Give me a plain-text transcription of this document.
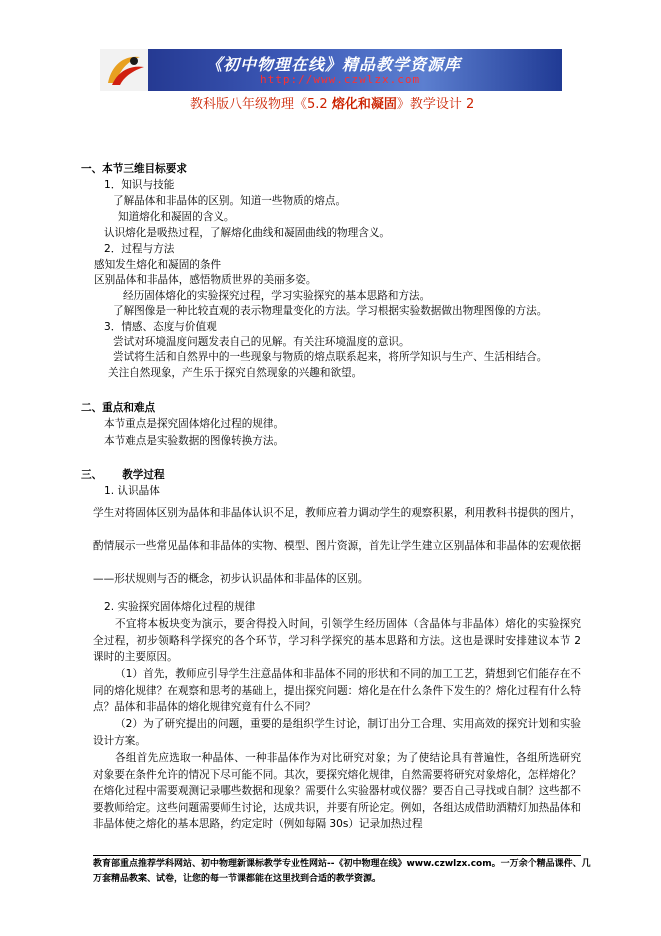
《初中物理在线》精品教学资源库
http://www.czwlzx.com
教科版八年级物理《5.2 熔化和凝固》教学设计 2
一、本节三维目标要求
1．知识与技能
了解晶体和非晶体的区别。知道一些物质的熔点。
知道熔化和凝固的含义。
认识熔化是吸热过程，了解熔化曲线和凝固曲线的物理含义。
2．过程与方法
感知发生熔化和凝固的条件
区别晶体和非晶体，感悟物质世界的美丽多姿。
经历固体熔化的实验探究过程，学习实验探究的基本思路和方法。
了解图像是一种比较直观的表示物理量变化的方法。学习根据实验数据做出物理图像的方法。
3．情感、态度与价值观
尝试对环境温度问题发表自己的见解。有关注环境温度的意识。
尝试将生活和自然界中的一些现象与物质的熔点联系起来，将所学知识与生产、生活相结合。
关注自然现象，产生乐于探究自然现象的兴趣和欲望。
二、重点和难点
本节重点是探究固体熔化过程的规律。
本节难点是实验数据的图像转换方法。
三、 教学过程
1. 认识晶体

学生对将固体区别为晶体和非晶体认识不足，教师应着力调动学生的观察积累，利用教科书提供的图片，酌情展示一些常见晶体和非晶体的实物、模型、图片资源，首先让学生建立区别晶体和非晶体的宏观依据——形状规则与否的概念，初步认识晶体和非晶体的区别。

2. 实验探究固体熔化过程的规律

不宜将本板块变为演示，要舍得投入时间，引领学生经历固体（含晶体与非晶体）熔化的实验探究全过程，初步领略科学探究的各个环节，学习科学探究的基本思路和方法。这也是课时安排建议本节 2 课时的主要原因。

（1）首先，教师应引导学生注意晶体和非晶体不同的形状和不同的加工工艺，猜想到它们能存在不同的熔化规律？在观察和思考的基础上，提出探究问题：熔化是在什么条件下发生的？熔化过程有什么特点？晶体和非晶体的熔化规律究竟有什么不同？

（2）为了研究提出的问题，重要的是组织学生讨论，制订出分工合理、实用高效的探究计划和实验设计方案。

各组首先应选取一种晶体、一种非晶体作为对比研究对象；为了使结论具有普遍性，各组所选研究对象要在条件允许的情况下尽可能不同。其次，要探究熔化规律，自然需要将研究对象熔化，怎样熔化？在熔化过程中需要观测记录哪些数据和现象？需要什么实验器材或仪器？要否自己寻找或自制？这些都不要教师给定。这些问题需要师生讨论，达成共识，并要有所论定。例如，各组达成借助酒精灯加热晶体和非晶体使之熔化的基本思路，约定定时（例如每隔 30s）记录加热过程

教育部重点推荐学科网站、初中物理新课标教学专业性网站--《初中物理在线》www.czwlzx.com。一万余个精品课件、几万套精品教案、试卷，让您的每一节课都能在这里找到合适的教学资源。
